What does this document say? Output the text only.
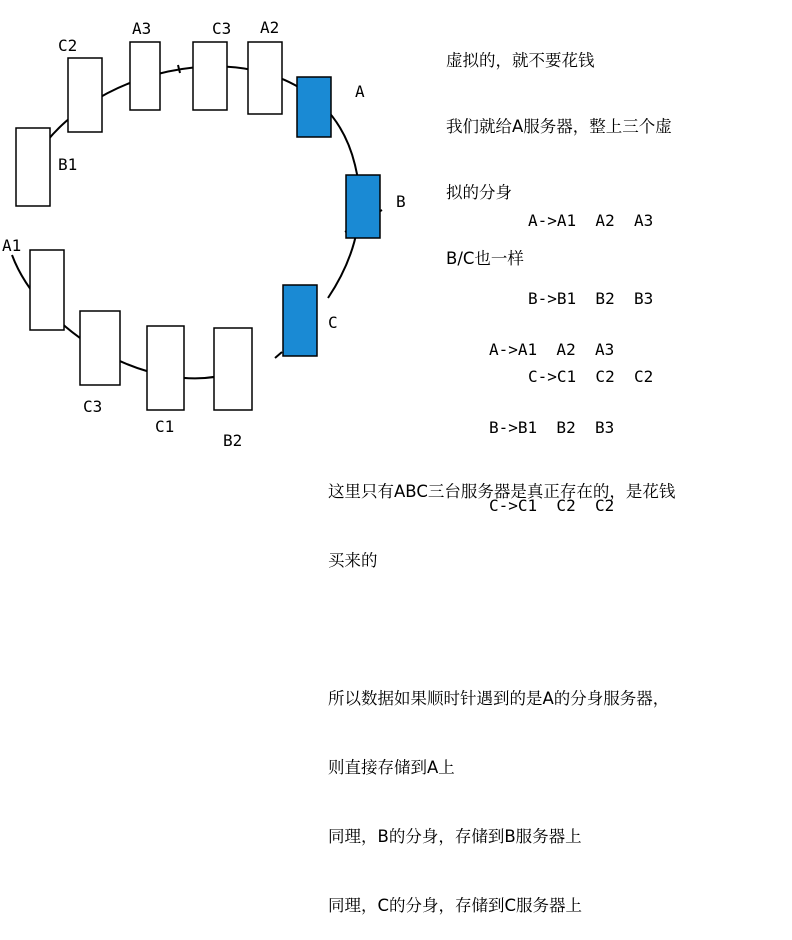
B1
C2
A3	C3 A2
A
B
C
A1
C3
C1
B2

虚拟的，就不要花钱

我们就给A服务器，整上三个虚

拟的分身

B/C也一样

A->A1  A2  A3

B->B1  B2  B3

C->C1  C2  C2

A->A1  A2  A3

B->B1  B2  B3

C->C1  C2  C2

这里只有ABC三台服务器是真正存在的，是花钱

买来的

所以数据如果顺时针遇到的是A的分身服务器，

则直接存储到A上

同理，B的分身，存储到B服务器上

同理，C的分身，存储到C服务器上
